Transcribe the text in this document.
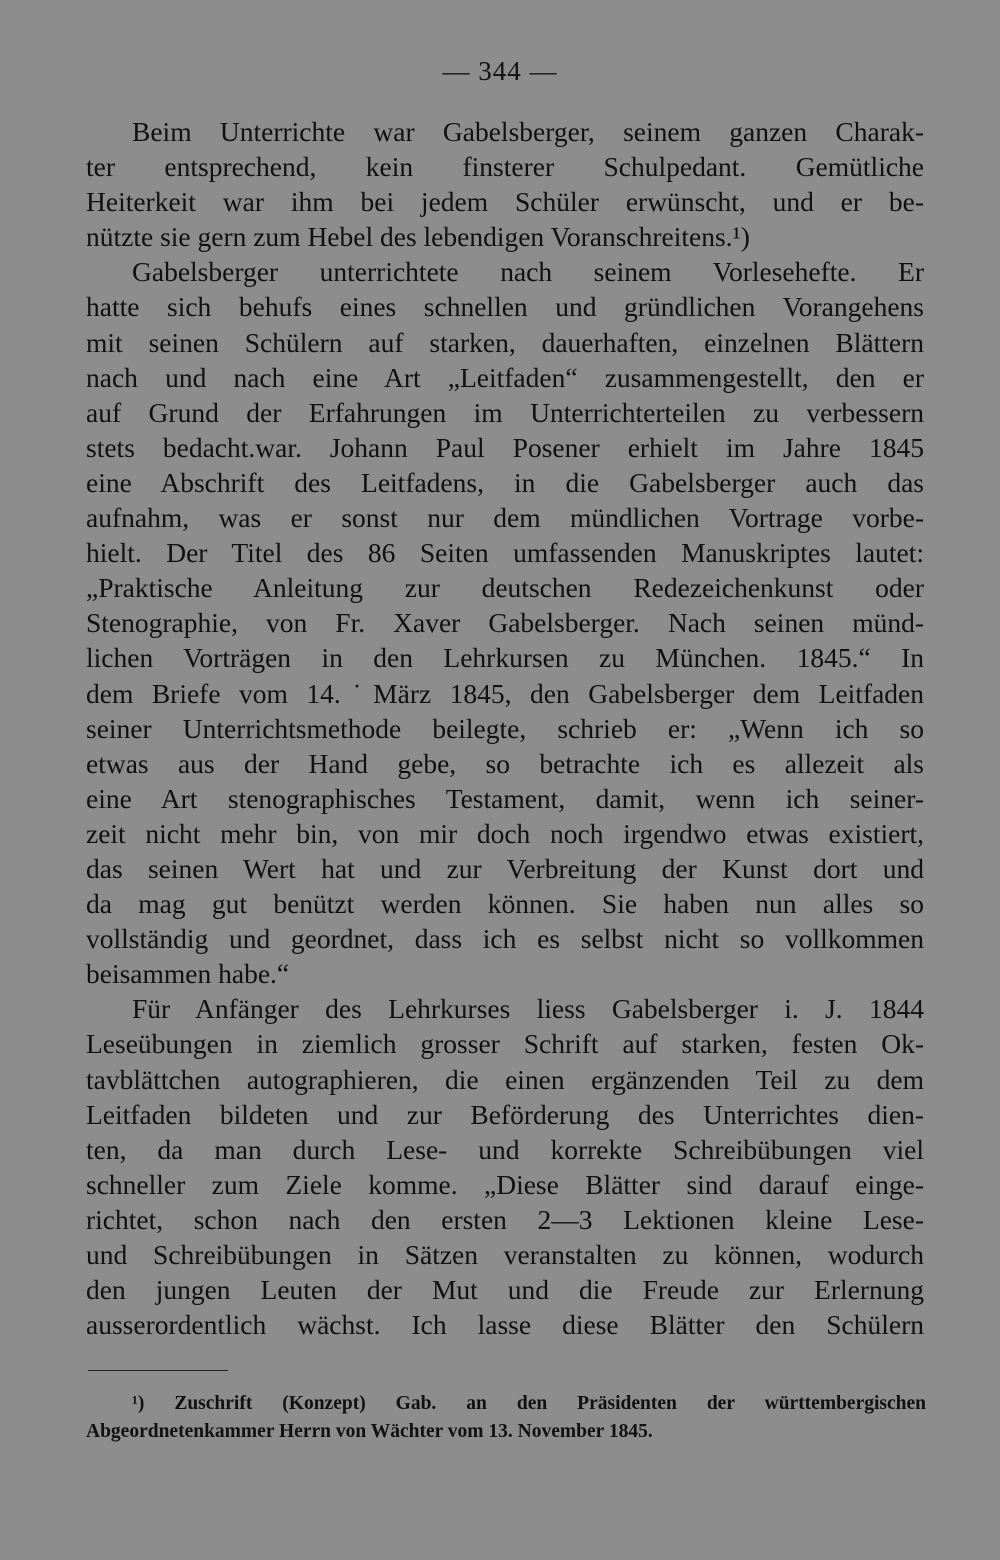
— 344 —
Beim Unterrichte war Gabelsberger, seinem ganzen Charak-
ter entsprechend, kein finsterer Schulpedant. Gemütliche
Heiterkeit war ihm bei jedem Schüler erwünscht, und er be-
nützte sie gern zum Hebel des lebendigen Voranschreitens.¹)
Gabelsberger unterrichtete nach seinem Vorlesehefte. Er
hatte sich behufs eines schnellen und gründlichen Vorangehens
mit seinen Schülern auf starken, dauerhaften, einzelnen Blättern
nach und nach eine Art „Leitfaden“ zusammengestellt, den er
auf Grund der Erfahrungen im Unterrichterteilen zu verbessern
stets bedacht.war. Johann Paul Posener erhielt im Jahre 1845
eine Abschrift des Leitfadens, in die Gabelsberger auch das
aufnahm, was er sonst nur dem mündlichen Vortrage vorbe-
hielt. Der Titel des 86 Seiten umfassenden Manuskriptes lautet:
„Praktische Anleitung zur deutschen Redezeichenkunst oder
Stenographie, von Fr. Xaver Gabelsberger. Nach seinen münd-
lichen Vorträgen in den Lehrkursen zu München. 1845.“ In
dem Briefe vom 14.˙März 1845, den Gabelsberger dem Leitfaden
seiner Unterrichtsmethode beilegte, schrieb er: „Wenn ich so
etwas aus der Hand gebe, so betrachte ich es allezeit als
eine Art stenographisches Testament, damit, wenn ich seiner-
zeit nicht mehr bin, von mir doch noch irgendwo etwas existiert,
das seinen Wert hat und zur Verbreitung der Kunst dort und
da mag gut benützt werden können. Sie haben nun alles so
vollständig und geordnet, dass ich es selbst nicht so vollkommen
beisammen habe.“
Für Anfänger des Lehrkurses liess Gabelsberger i. J. 1844
Leseübungen in ziemlich grosser Schrift auf starken, festen Ok-
tavblättchen autographieren, die einen ergänzenden Teil zu dem
Leitfaden bildeten und zur Beförderung des Unterrichtes dien-
ten, da man durch Lese- und korrekte Schreibübungen viel
schneller zum Ziele komme. „Diese Blätter sind darauf einge-
richtet, schon nach den ersten 2—3 Lektionen kleine Lese-
und Schreibübungen in Sätzen veranstalten zu können, wodurch
den jungen Leuten der Mut und die Freude zur Erlernung
ausserordentlich wächst. Ich lasse diese Blätter den Schülern
¹) Zuschrift (Konzept) Gab. an den Präsidenten der württembergischen
Abgeordnetenkammer Herrn von Wächter vom 13. November 1845.
